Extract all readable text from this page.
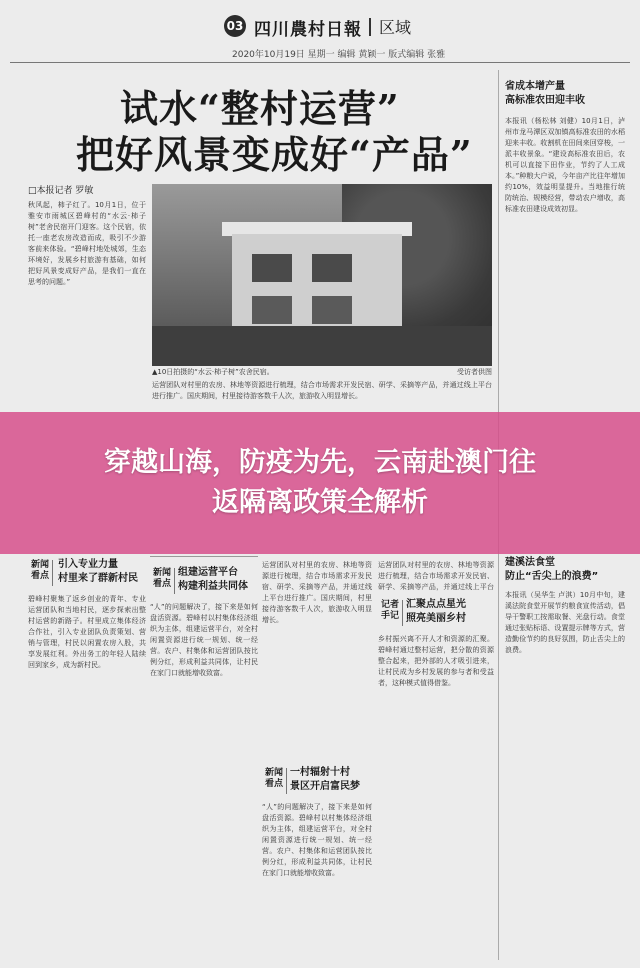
03 四川農村日報 区域
2020年10月19日 星期一 编辑 黄颖一 版式编辑 张雅
试水“整村运营”
把好风景变成好“产品”
□本报记者 罗敏
秋风起，柿子红了。10月1日，位于雅安市雨城区碧峰村的“水云·柿子树”老舍民宿开门迎客。这个民宿，依托一座老农房改造而成，吸引不少游客前来体验。“碧峰村地处城郊，生态环境好，发展乡村旅游有基础，如何把好风景变成好产品，是我们一直在思考的问题。”
▲10日拍摄的“水云·柿子树”农舍民宿。	受访者供图
运营团队对村里的农房、林地等资源进行梳理，结合市场需求开发民宿、研学、采摘等产品，并通过线上平台进行推广。国庆期间，村里接待游客数千人次，旅游收入明显增长。
省成本增产量
高标准农田迎丰收
本报讯（杨松林 刘健）10月1日，泸州市龙马潭区双加镇高标准农田的水稻迎来丰收。收割机在田间来回穿梭，一派丰收景象。“建设高标准农田后，农机可以直接下田作业，节约了人工成本。”种粮大户说，今年亩产比往年增加约10%，效益明显提升。当地推行统防统治、规模经营，带动农户增收，高标准农田建设成效初显。
穿越山海，防疫为先，云南赴澳门往
返隔离政策全解析
新闻看点
引入专业力量
村里来了群新村民
碧峰村聚集了返乡创业的青年、专业运营团队和当地村民，逐步探索出整村运营的新路子。村里成立集体经济合作社，引入专业团队负责策划、营销与管理，村民以闲置农房入股，共享发展红利。外出务工的年轻人陆续回到家乡，成为新村民。
新闻看点
组建运营平台
构建利益共同体
“人”的问题解决了，接下来是如何盘活资源。碧峰村以村集体经济组织为主体，组建运营平台，对全村闲置资源进行统一规划、统一经营。农户、村集体和运营团队按比例分红，形成利益共同体，让村民在家门口就能增收致富。
运营团队对村里的农房、林地等资源进行梳理，结合市场需求开发民宿、研学、采摘等产品，并通过线上平台进行推广。国庆期间，村里接待游客数千人次，旅游收入明显增长。
新闻看点
一村辐射十村
景区开启富民梦
“人”的问题解决了，接下来是如何盘活资源。碧峰村以村集体经济组织为主体，组建运营平台，对全村闲置资源进行统一规划、统一经营。农户、村集体和运营团队按比例分红，形成利益共同体，让村民在家门口就能增收致富。
记者手记
汇聚点点星光
照亮美丽乡村
运营团队对村里的农房、林地等资源进行梳理，结合市场需求开发民宿、研学、采摘等产品，并通过线上平台
乡村振兴离不开人才和资源的汇聚。碧峰村通过整村运营，把分散的资源整合起来，把外部的人才吸引进来，让村民成为乡村发展的参与者和受益者，这种模式值得借鉴。
建溪法食堂
防止“舌尖上的浪费”
本报讯（吴华生 卢淇）10月中旬，建溪法院食堂开展节约粮食宣传活动，倡导干警职工按需取餐、光盘行动。食堂通过张贴标语、设置提示牌等方式，营造勤俭节约的良好氛围，防止舌尖上的浪费。
